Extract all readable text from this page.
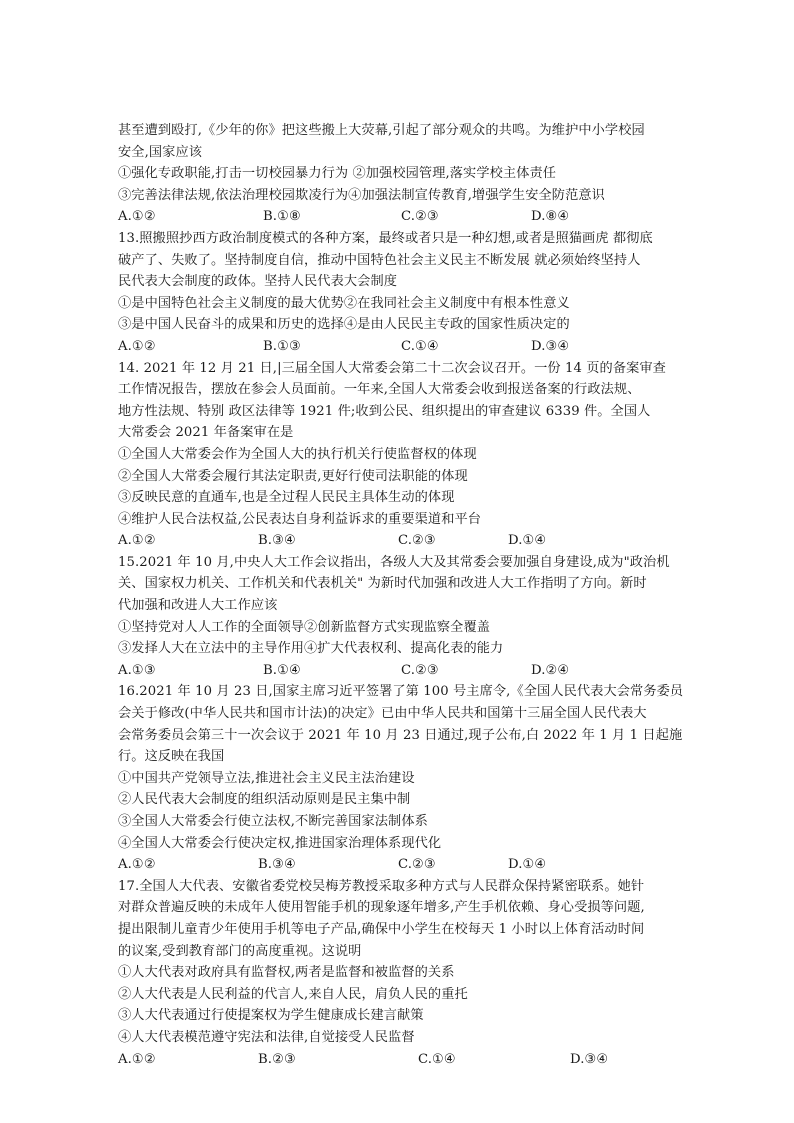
甚至遭到殴打,《少年的你》把这些搬上大荧幕,引起了部分观众的共鸣。为维护中小学校园
安全,国家应该
①强化专政职能,打击一切校园暴力行为 ②加强校园管理,落实学校主体责任
③完善法律法规,依法治理校园欺凌行为④加强法制宣传教育,增强学生安全防范意识
A.①②	B.①⑧	C.②③	D.⑧④
13.照搬照抄西方政治制度模式的各种方案，最终或者只是一种幻想,或者是照猫画虎 都彻底
破产了、失败了。坚持制度自信，推动中国特色社会主义民主不断发展 就必须始终坚持人
民代表大会制度的政体。坚持人民代表大会制度
①是中国特色社会主义制度的最大优势②在我同社会主义制度中有根本性意义
③是中国人民奋斗的成果和历史的选择④是由人民民主专政的国家性质决定的
A.①②	B.①③	C.①④	D.③④
14. 2021 年 12 月 21 日,|三届全国人大常委会第二十二次会议召开。一份 14 页的备案审查
工作情况报告，摆放在参会人员面前。一年来,全国人大常委会收到报送备案的行政法规、
地方性法规、特别 政区法律等 1921 件;收到公民、组织提出的审查建议 6339 件。全国人
大常委会 2021 年备案审在是
①全国人大常委会作为全国人大的执行机关行使监督权的体现
②全国人大常委会履行其法定职责,更好行使司法职能的体现
③反映民意的直通车,也是全过程人民民主具体生动的体现
④维护人民合法权益,公民表达自身利益诉求的重要渠道和平台
A.①②	B.③④	C.②③	D.①④
15.2021 年 10 月,中央人大工作会议指出，各级人大及其常委会要加强自身建设,成为"政治机
关、国家权力机关、工作机关和代表机关" 为新时代加强和改进人大工作指明了方向。新时
代加强和改进人大工作应该
①坚持党对人人工作的全面领导②创新监督方式实现监察全覆盖
③发择人大在立法中的主导作用④扩大代表权利、提高化表的能力
A.①③	B.①④	C.②③	D.②④
16.2021 年 10 月 23 日,国家主席习近平签署了第 100 号主席令,《全国人民代表大会常务委员
会关于修改(中华人民共和国市计法)的决定》已由中华人民共和国第十三届全国人民代表大
会常务委员会第三十一次会议于 2021 年 10 月 23 日通过,现子公布,白 2022 年 1 月 1 日起施
行。这反映在我国
①中国共产党领导立法,推进社会主义民主法治建设
②人民代表大会制度的组织活动原则是民主集中制
③全国人大常委会行使立法权,不断完善国家法制体系
④全国人大常委会行使决定权,推进国家治理体系现代化
A.①②	B.③④	C.②③	D.①④
17.全国人大代表、安徽省委党校吴梅芳教授采取多种方式与人民群众保持紧密联系。她针
对群众普遍反映的未成年人使用智能手机的现象逐年增多,产生手机依赖、身心受损等问题,
提出限制儿童青少年使用手机等电子产品,确保中小学生在校每天 1 小时以上体育活动时间
的议案,受到教育部门的高度重视。这说明
①人大代表对政府具有监督权,两者是监督和被监督的关系
②人大代表是人民利益的代言人,来自人民，肩负人民的重托
③人大代表通过行使提案权为学生健康成长建言献策
④人大代表模范遵守宪法和法律,自觉接受人民监督
A.①②	B.②③	C.①④	D.③④
